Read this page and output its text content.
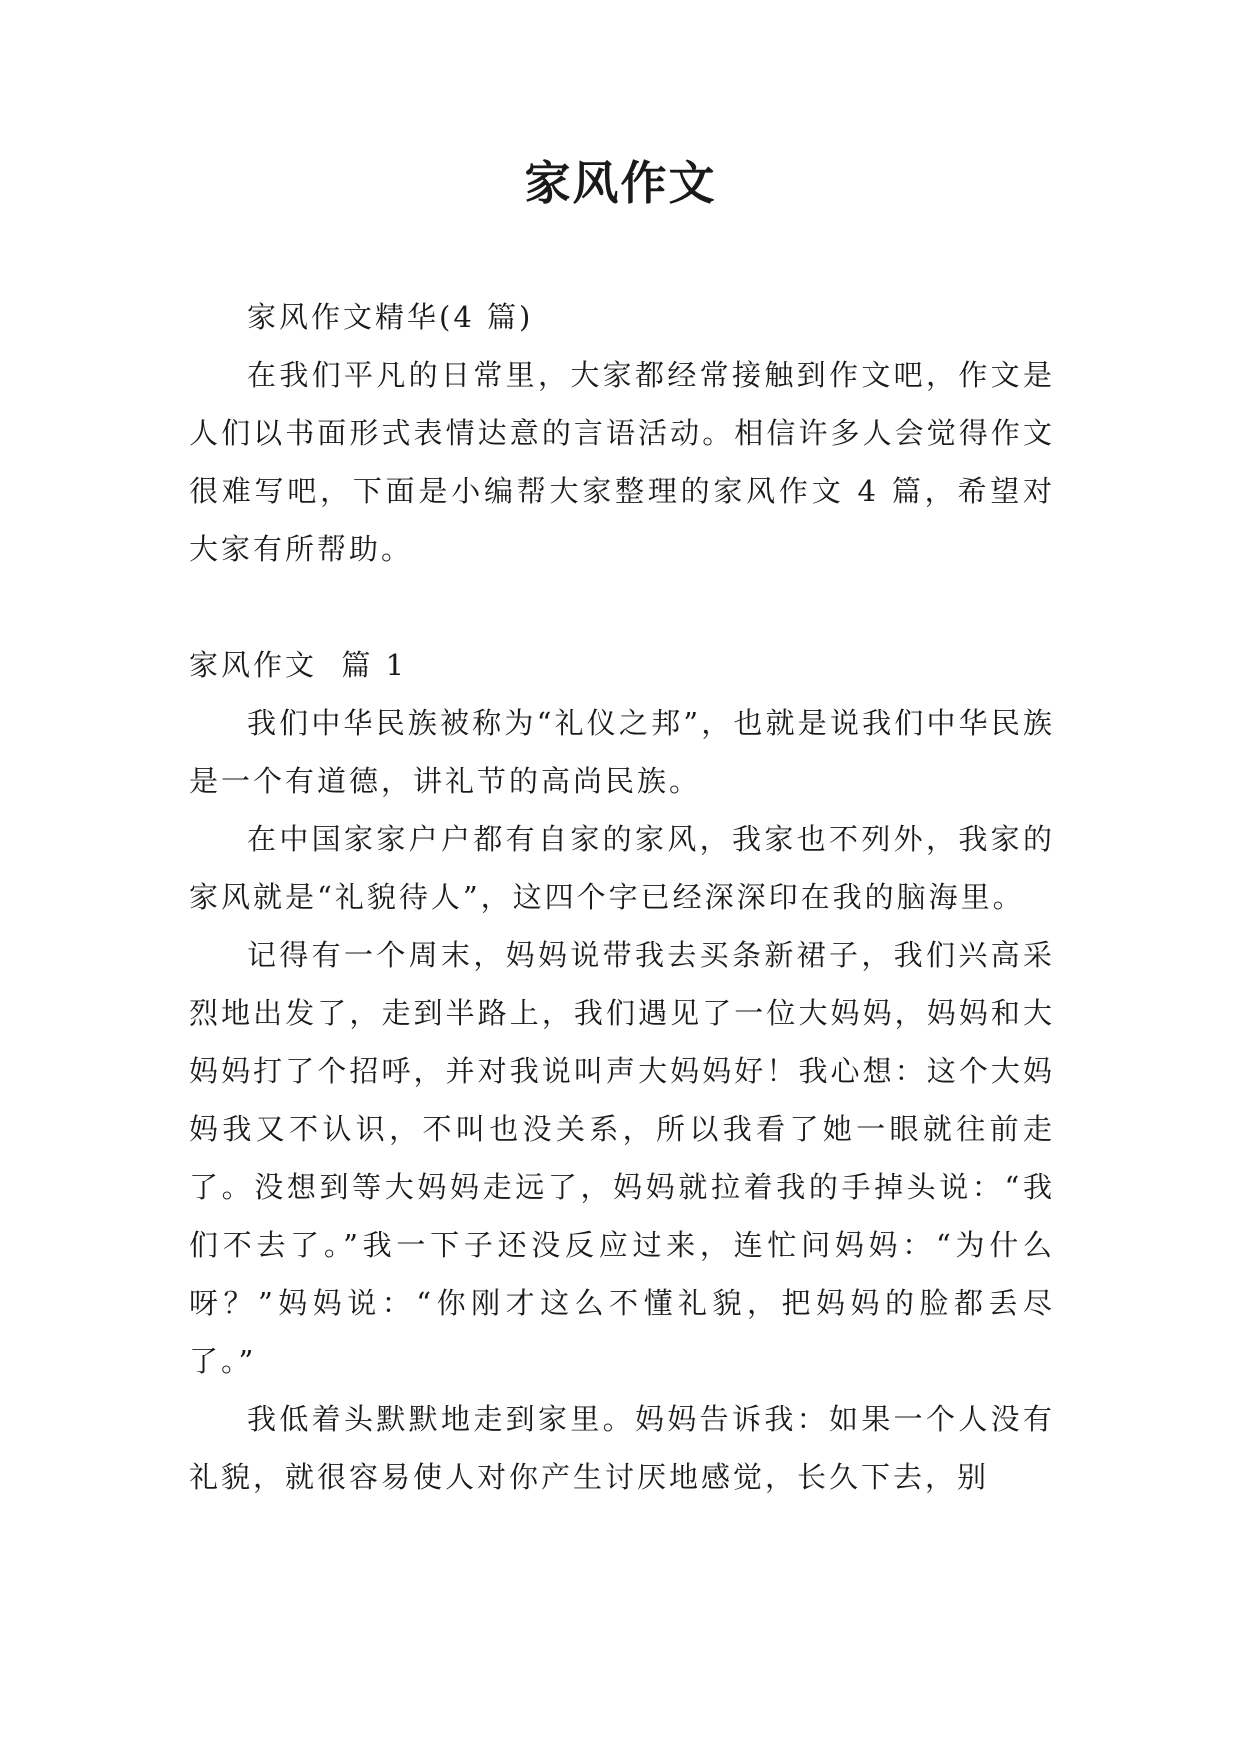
家风作文

家风作文精华(4 篇)

在我们平凡的日常里，大家都经常接触到作文吧，作文是人们以书面形式表情达意的言语活动。相信许多人会觉得作文很难写吧，下面是小编帮大家整理的家风作文 4 篇，希望对大家有所帮助。

家风作文  篇 1

我们中华民族被称为“礼仪之邦”，也就是说我们中华民族是一个有道德，讲礼节的高尚民族。

在中国家家户户都有自家的家风，我家也不列外，我家的家风就是“礼貌待人”，这四个字已经深深印在我的脑海里。

记得有一个周末，妈妈说带我去买条新裙子，我们兴高采烈地出发了，走到半路上，我们遇见了一位大妈妈，妈妈和大妈妈打了个招呼，并对我说叫声大妈妈好！我心想：这个大妈妈我又不认识，不叫也没关系，所以我看了她一眼就往前走了。没想到等大妈妈走远了，妈妈就拉着我的手掉头说：“我们不去了。”我一下子还没反应过来，连忙问妈妈：“为什么呀？”妈妈说：“你刚才这么不懂礼貌，把妈妈的脸都丢尽了。”

我低着头默默地走到家里。妈妈告诉我：如果一个人没有礼貌，就很容易使人对你产生讨厌地感觉，长久下去，别
